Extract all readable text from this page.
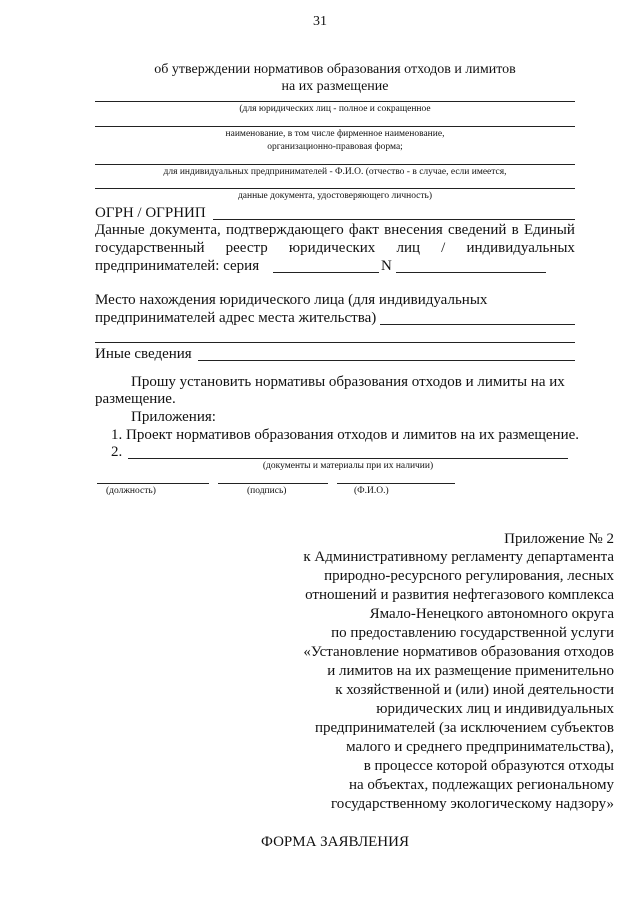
31
об утверждении нормативов образования отходов и лимитов
на их размещение
(для юридических лиц - полное и сокращенное
наименование, в том числе фирменное наименование,
организационно-правовая форма;
для индивидуальных предпринимателей - Ф.И.О. (отчество - в случае, если имеется,
данные документа, удостоверяющего личность)
ОГРН / ОГРНИП
Данные документа, подтверждающего факт внесения сведений в Единый
государственный реестр юридических лиц / индивидуальных
предпринимателей: серия	N
Место нахождения юридического лица (для индивидуальных
предпринимателей адрес места жительства)
Иные сведения
Прошу установить нормативы образования отходов и лимиты на их
размещение.
Приложения:
1. Проект нормативов образования отходов и лимитов на их размещение.
2.
(документы и материалы при их наличии)
(должность)	(подпись)	(Ф.И.О.)
Приложение № 2
к Административному регламенту департамента
природно-ресурсного регулирования, лесных
отношений и развития нефтегазового комплекса
Ямало-Ненецкого автономного округа
по предоставлению государственной услуги
«Установление нормативов образования отходов
и лимитов на их размещение применительно
к хозяйственной и (или) иной деятельности
юридических лиц и индивидуальных
предпринимателей (за исключением субъектов
малого и среднего предпринимательства),
в процессе которой образуются отходы
на объектах, подлежащих региональному
государственному экологическому надзору»
ФОРМА ЗАЯВЛЕНИЯ
